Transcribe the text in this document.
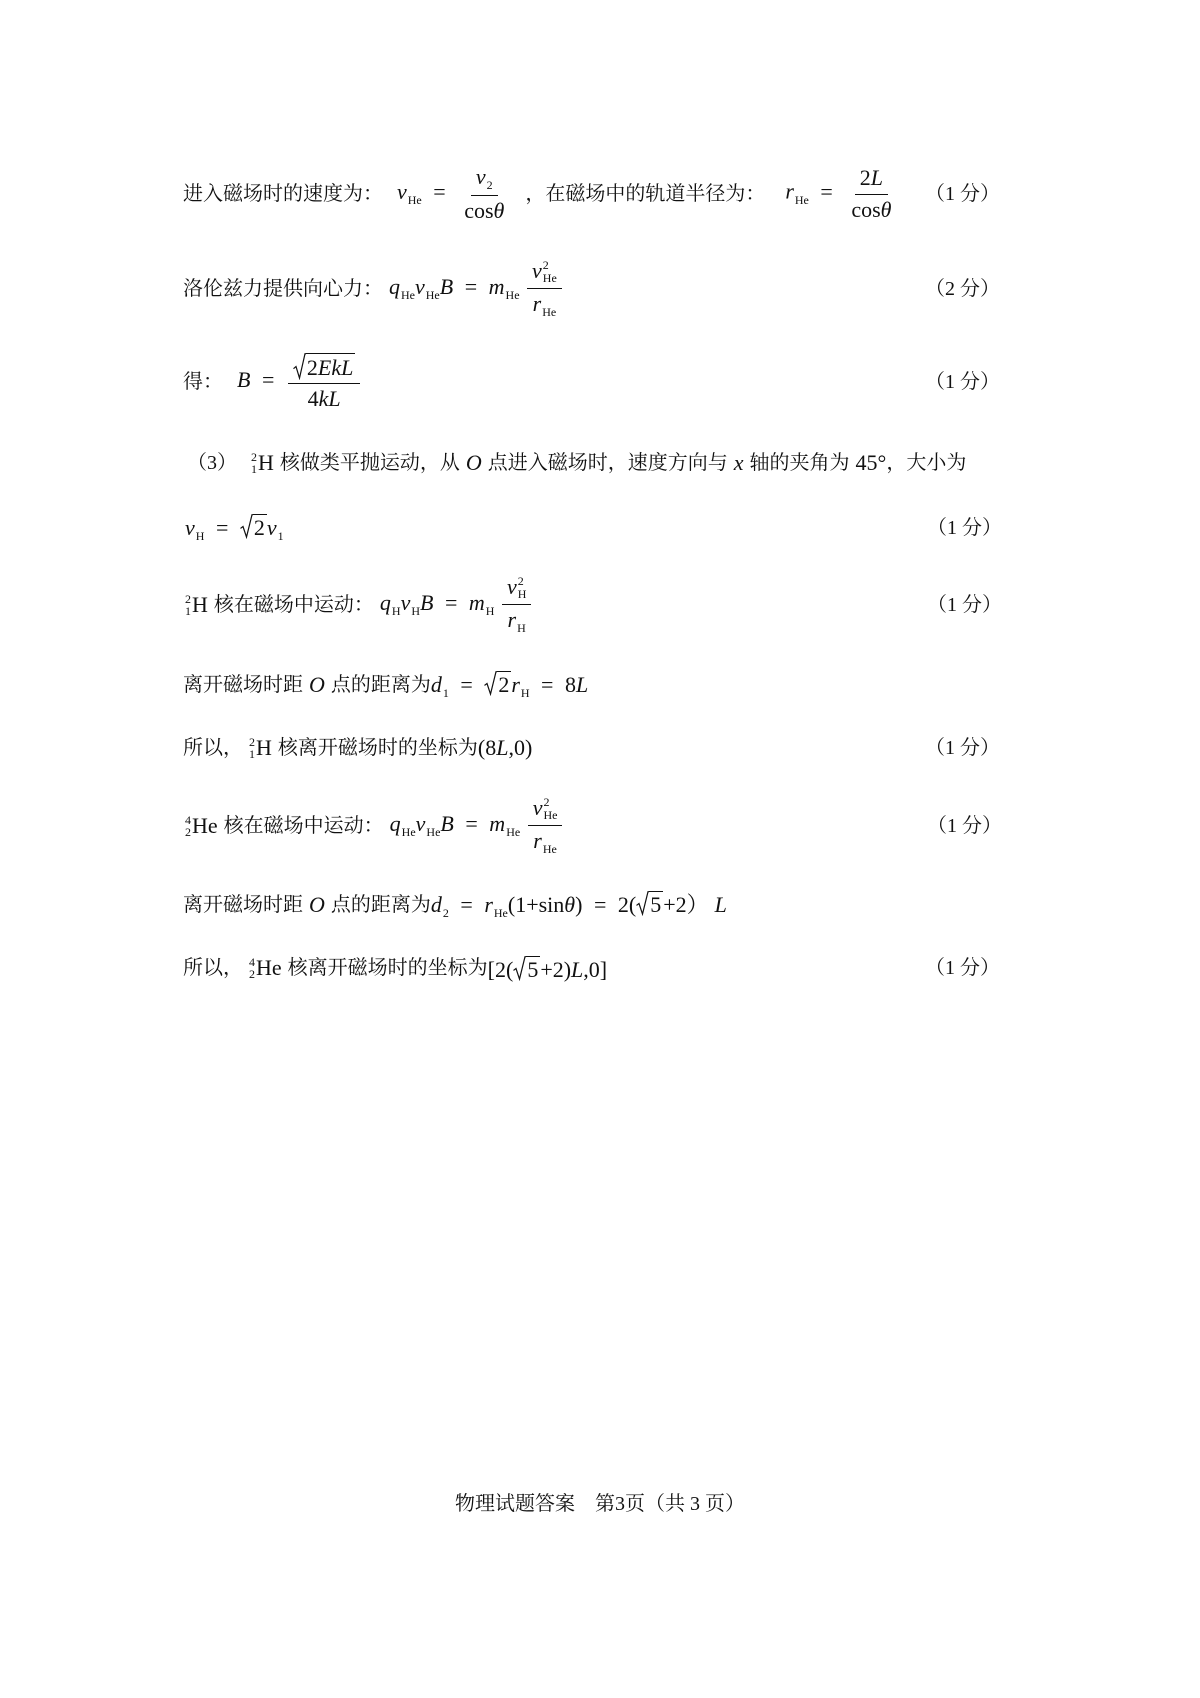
进入磁场时的速度为： $v_{He} = \frac{v_2}{\cos\theta}$ ，在磁场中的轨道半径为： $r_{He} = \frac{2L}{\cos\theta} (1$ 分）
洛伦兹力提供向心力： $q_{He}v_{He}B = m_{He}$ v 2
He
$r_{He}$	（2 分）
得： $B = \frac{\text{2EkL}}{4kL}$	（1 分）
（3） 2
1 H 核做类平抛运动，从 O 点进入磁场时，速度方向与 x 轴的夹角为 45° ，大小为
$v_H = 2v_1$	（1 分）
2
1 H 核在磁场中运动： $q_Hv_HB = m_H$ v 2
H
$r_H$	（1 分）
离开磁场时距 O 点的距离为 $d_1 = 2r_H = 8L$
所以， 2
1 H 核离开磁场时的坐标为 (8L,0)	（1 分）
4
2 He 核在磁场中运动： $q_{He}v_{He}B = m_{He}$ v 2
He
$r_{He}$	（1 分）
离开磁场时距 O 点的距离为 $d_2 = r_{He}(1+\sin\theta) = 2$( 5+2） L
所以， 4
2 He 核离开磁场时的坐标为 [2( 5+2)L,0]	（1 分）
物理试题答案　第3页（共 3 页）
